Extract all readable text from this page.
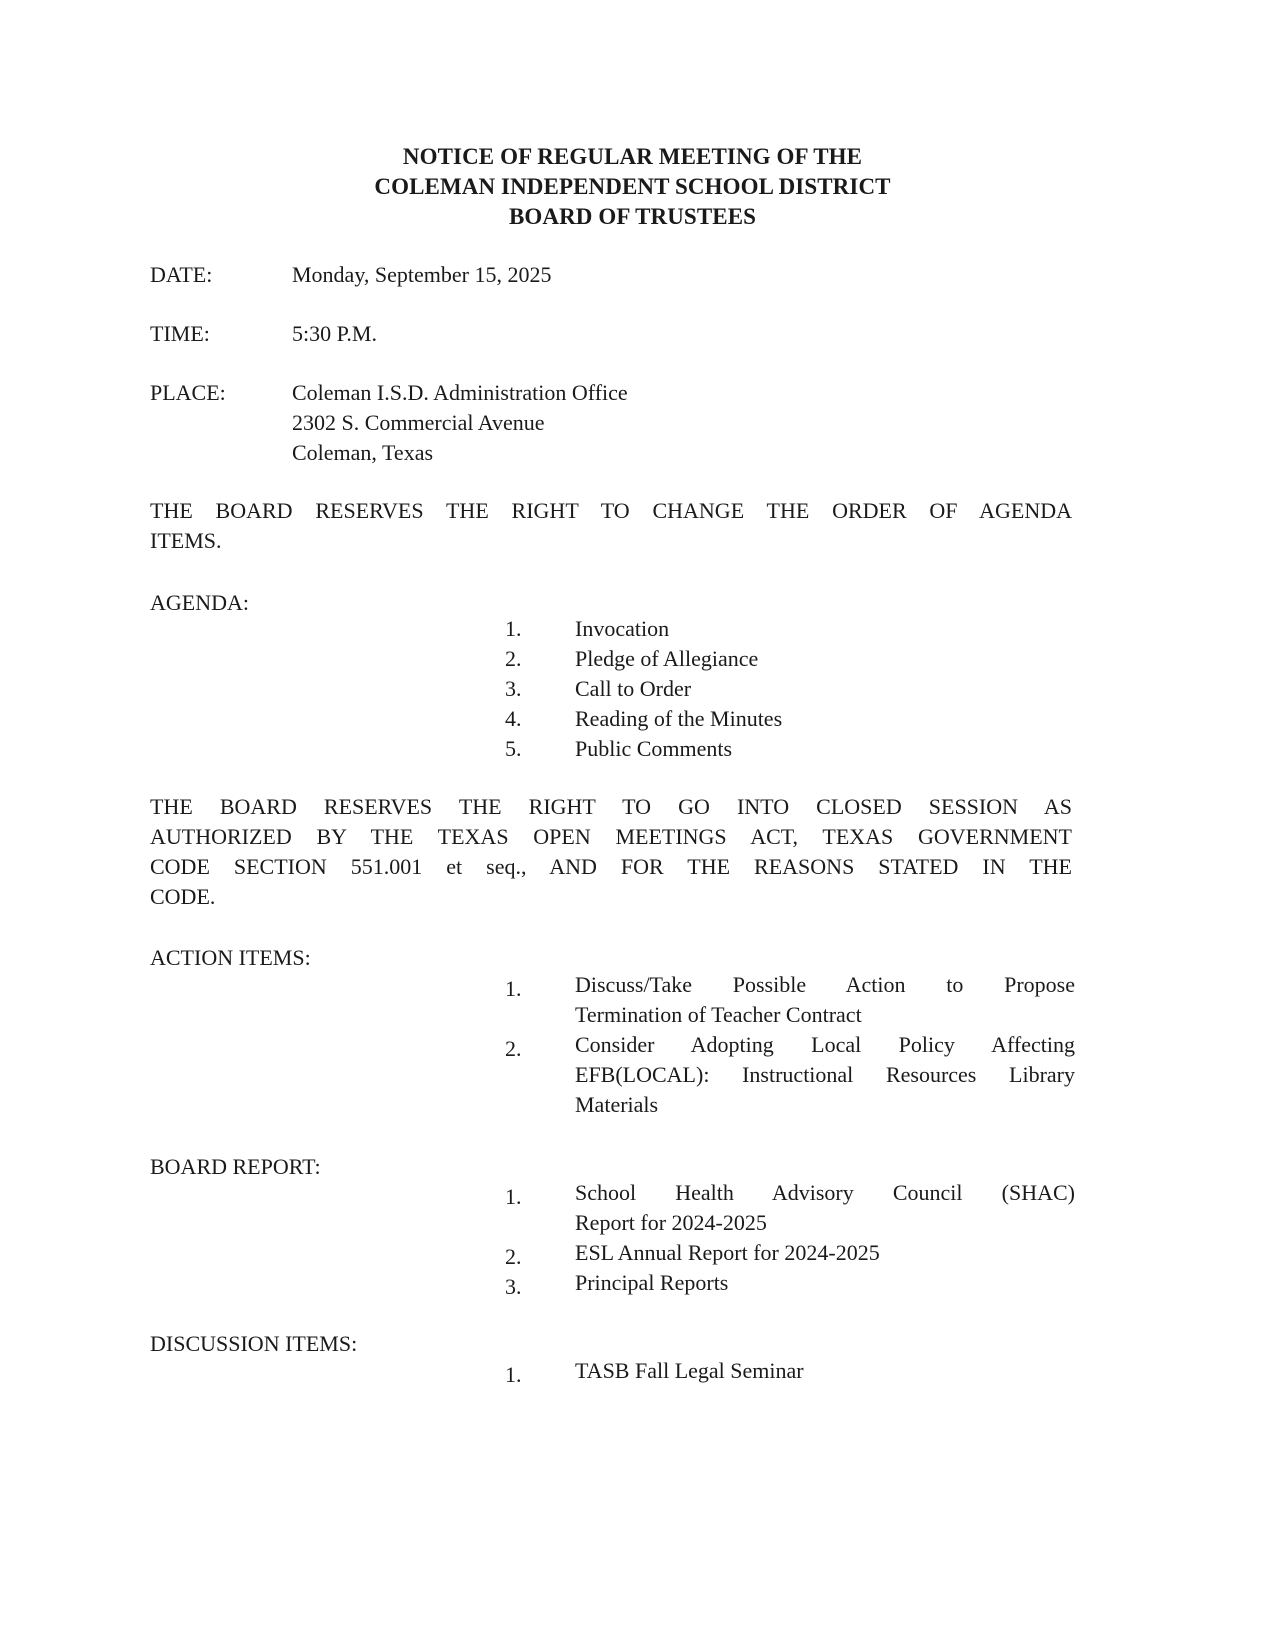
NOTICE OF REGULAR MEETING OF THE
COLEMAN INDEPENDENT SCHOOL DISTRICT
BOARD OF TRUSTEES
DATE:	Monday, September 15, 2025
TIME:	5:30 P.M.
PLACE:	Coleman I.S.D. Administration Office
2302 S. Commercial Avenue
Coleman, Texas
THE BOARD RESERVES THE RIGHT TO CHANGE THE ORDER OF AGENDA
ITEMS.
AGENDA:
1. Invocation
2. Pledge of Allegiance
3. Call to Order
4. Reading of the Minutes
5. Public Comments
THE BOARD RESERVES THE RIGHT TO GO INTO CLOSED SESSION AS
AUTHORIZED BY THE TEXAS OPEN MEETINGS ACT, TEXAS GOVERNMENT
CODE SECTION 551.001 et seq., AND FOR THE REASONS STATED IN THE
CODE.
ACTION ITEMS:
1. Discuss/Take Possible Action to Propose
Termination of Teacher Contract
2. Consider Adopting Local Policy Affecting
EFB(LOCAL): Instructional Resources Library
Materials
BOARD REPORT:
1. School Health Advisory Council (SHAC)
Report for 2024-2025
2. ESL Annual Report for 2024-2025
3. Principal Reports
DISCUSSION ITEMS:
1. TASB Fall Legal Seminar
